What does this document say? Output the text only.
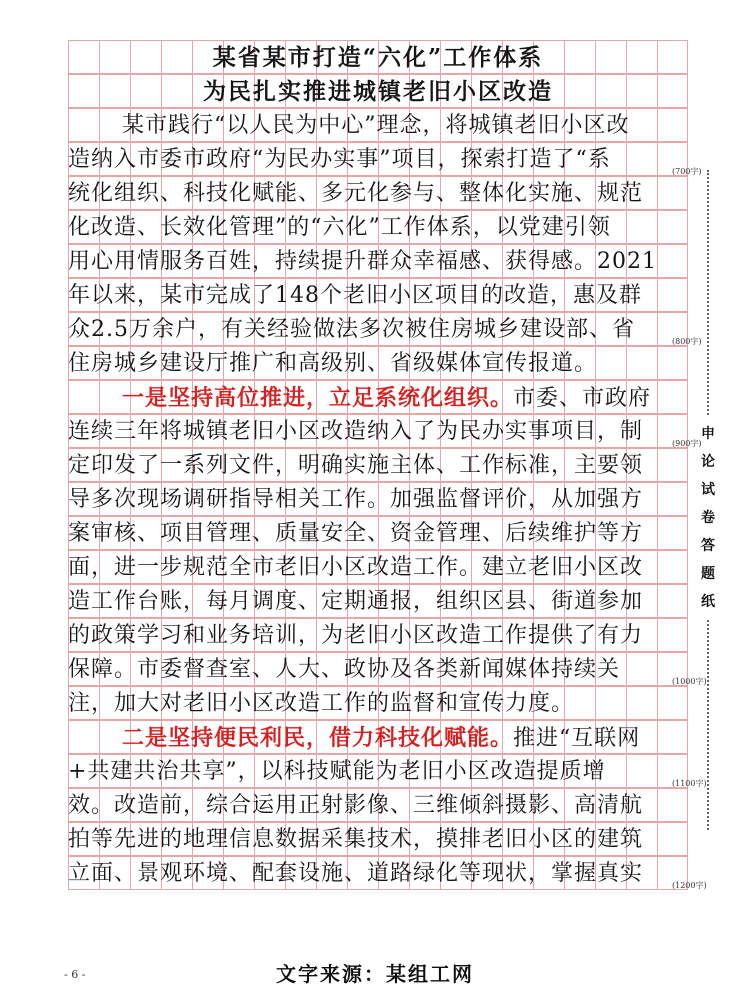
某省某市打造“六化”工作体系
为民扎实推进城镇老旧小区改造
某市践行“以人民为中心”理念，将城镇老旧小区改
造纳入市委市政府“为民办实事”项目，探索打造了“系
统化组织、科技化赋能、多元化参与、整体化实施、规范
化改造、长效化管理”的“六化”工作体系，以党建引领
用心用情服务百姓，持续提升群众幸福感、获得感。2021
年以来，某市完成了148个老旧小区项目的改造，惠及群
众2.5万余户，有关经验做法多次被住房城乡建设部、省
住房城乡建设厅推广和高级别、省级媒体宣传报道。
一是坚持高位推进，立足系统化组织。市委、市政府
连续三年将城镇老旧小区改造纳入了为民办实事项目，制
定印发了一系列文件，明确实施主体、工作标准，主要领
导多次现场调研指导相关工作。加强监督评价，从加强方
案审核、项目管理、质量安全、资金管理、后续维护等方
面，进一步规范全市老旧小区改造工作。建立老旧小区改
造工作台账，每月调度、定期通报，组织区县、街道参加
的政策学习和业务培训，为老旧小区改造工作提供了有力
保障。市委督查室、人大、政协及各类新闻媒体持续关
注，加大对老旧小区改造工作的监督和宣传力度。
二是坚持便民利民，借力科技化赋能。推进“互联网
+共建共治共享”，以科技赋能为老旧小区改造提质增
效。改造前，综合运用正射影像、三维倾斜摄影、高清航
拍等先进的地理信息数据采集技术，摸排老旧小区的建筑
立面、景观环境、配套设施、道路绿化等现状，掌握真实
(700字)
(800字)
(900字)
(1000字)
(1100字)
(1200字)
申
论
试
卷
答
题
纸
- 6 -	文字来源：某组工网
